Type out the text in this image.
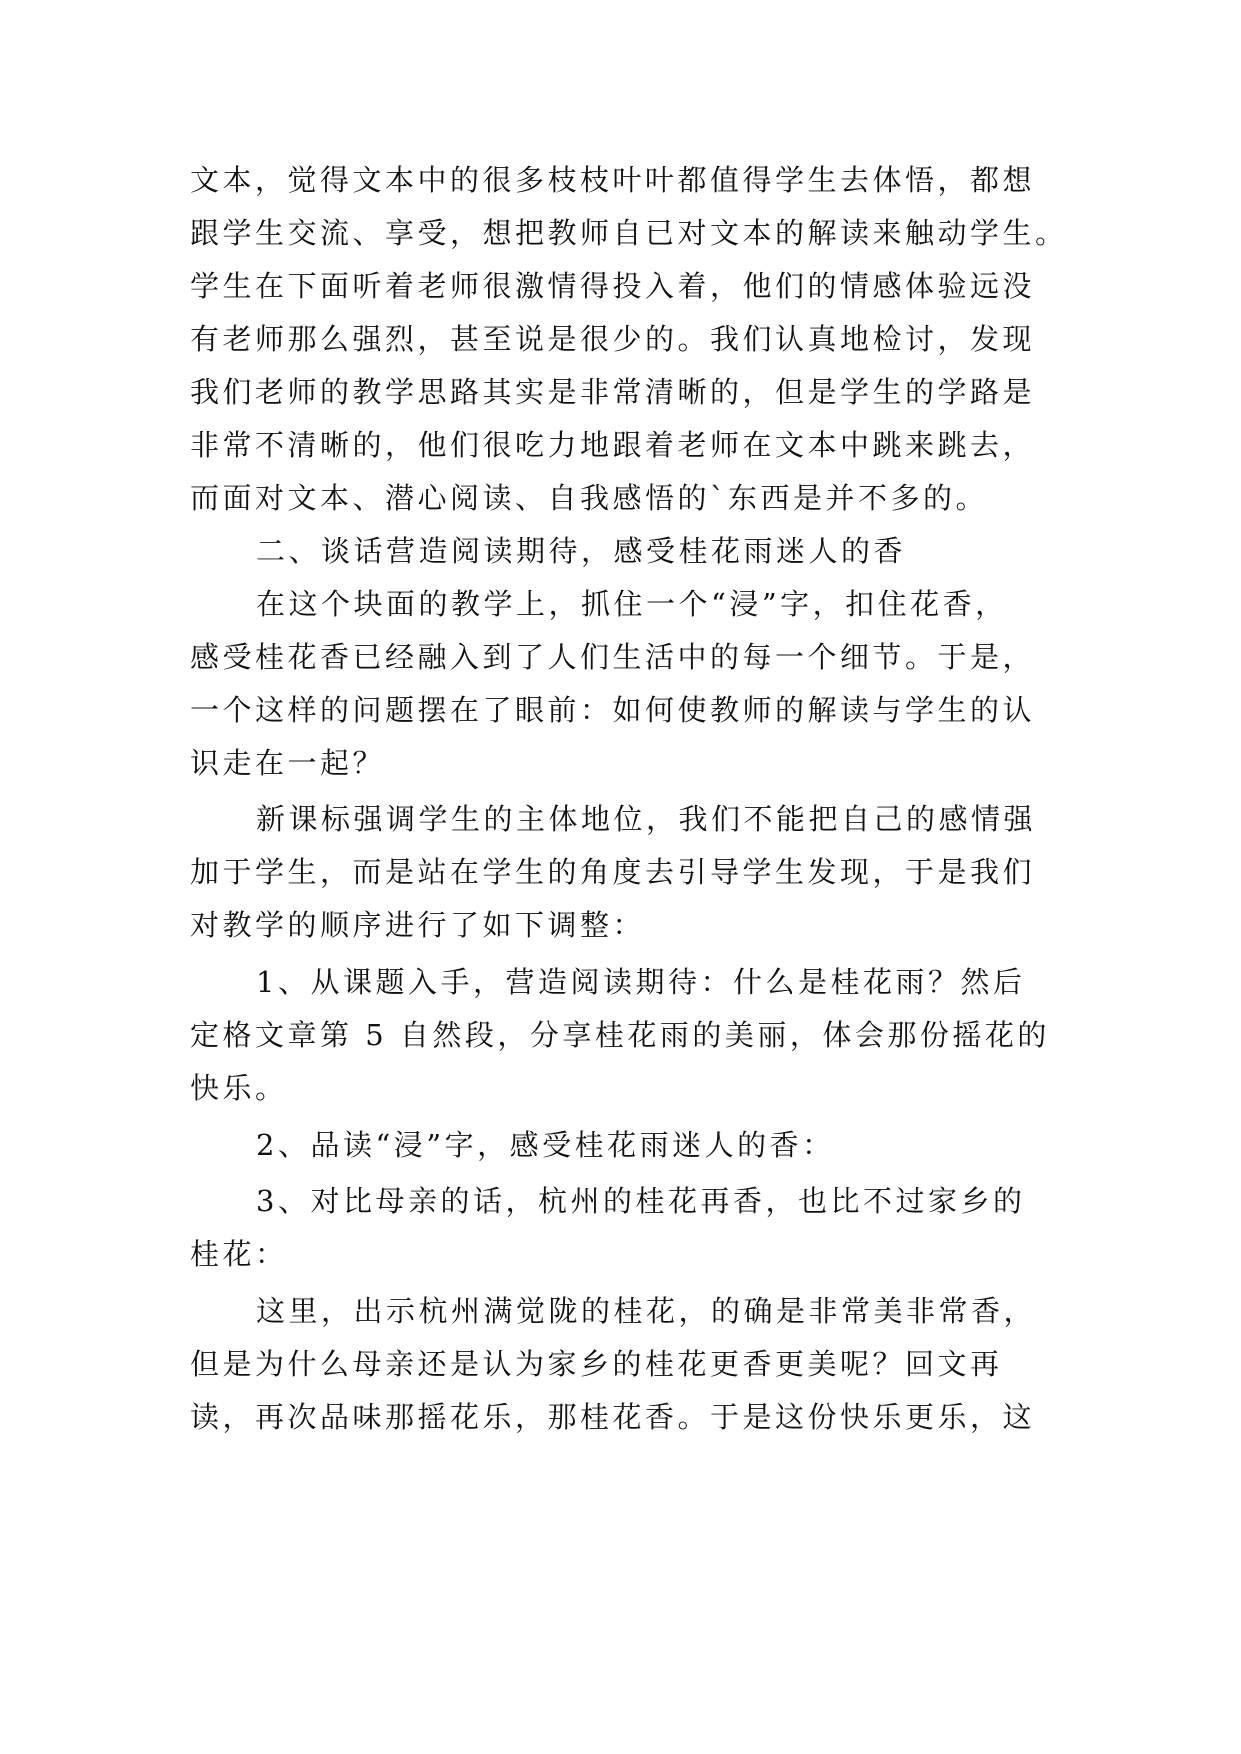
文本，觉得文本中的很多枝枝叶叶都值得学生去体悟，都想
跟学生交流、享受，想把教师自已对文本的解读来触动学生。
学生在下面听着老师很激情得投入着，他们的情感体验远没
有老师那么强烈，甚至说是很少的。我们认真地检讨，发现
我们老师的教学思路其实是非常清晰的，但是学生的学路是
非常不清晰的，他们很吃力地跟着老师在文本中跳来跳去，
而面对文本、潜心阅读、自我感悟的`东西是并不多的。
二、谈话营造阅读期待，感受桂花雨迷人的香
在这个块面的教学上，抓住一个“浸”字，扣住花香，
感受桂花香已经融入到了人们生活中的每一个细节。于是，
一个这样的问题摆在了眼前：如何使教师的解读与学生的认
识走在一起？
新课标强调学生的主体地位，我们不能把自己的感情强
加于学生，而是站在学生的角度去引导学生发现，于是我们
对教学的顺序进行了如下调整：
1、从课题入手，营造阅读期待：什么是桂花雨？然后
定格文章第 5 自然段，分享桂花雨的美丽，体会那份摇花的
快乐。
2、品读“浸”字，感受桂花雨迷人的香：
3、对比母亲的话，杭州的桂花再香，也比不过家乡的
桂花：
这里，出示杭州满觉陇的桂花，的确是非常美非常香，
但是为什么母亲还是认为家乡的桂花更香更美呢？回文再
读，再次品味那摇花乐，那桂花香。于是这份快乐更乐，这
